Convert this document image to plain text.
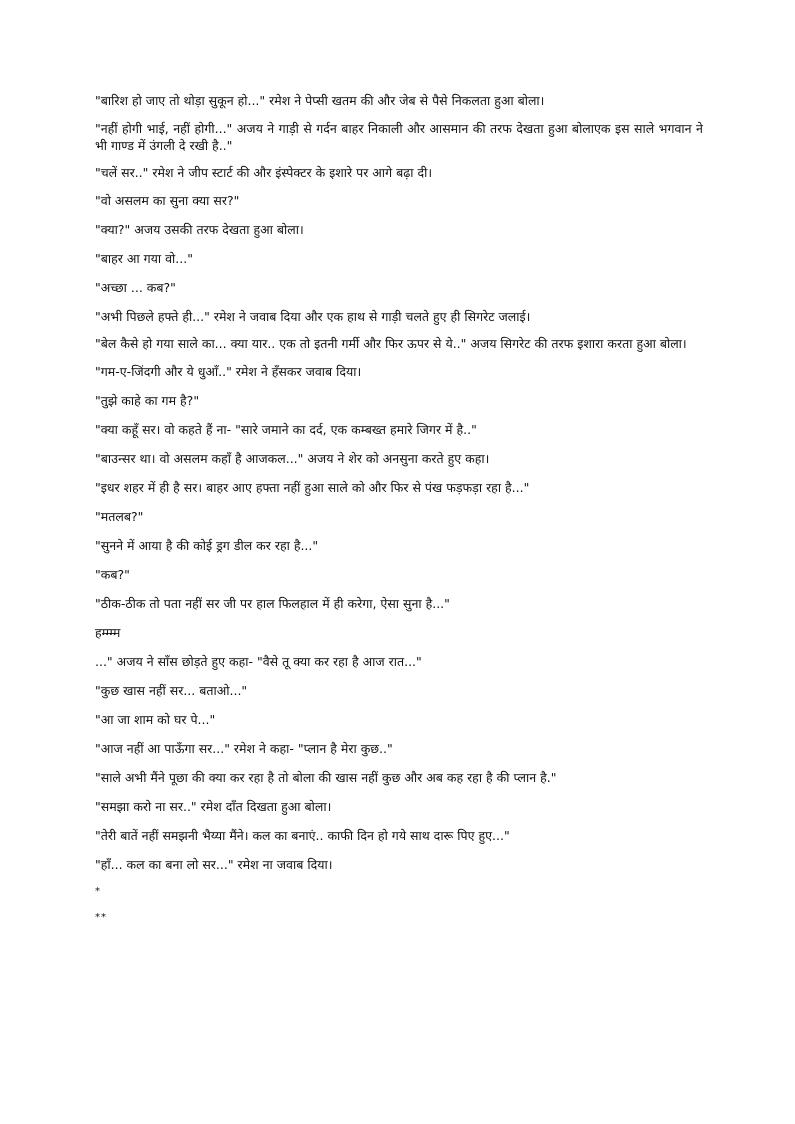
"बारिश हो जाए तो थोड़ा सुकून हो..." रमेश ने पेप्सी खतम की और जेब से पैसे निकलता हुआ बोला।

"नहीं होगी भाई, नहीं होगी..." अजय ने गाड़ी से गर्दन बाहर निकाली और आसमान की तरफ देखता हुआ बोलाएक इस साले भगवान ने भी गाण्ड में उंगली दे रखी है.."

"चलें सर.." रमेश ने जीप स्टार्ट की और इंस्पेक्टर के इशारे पर आगे बढ़ा दी।

"वो असलम का सुना क्या सर?"

"क्या?" अजय उसकी तरफ देखता हुआ बोला।

"बाहर आ गया वो..."

"अच्छा ... कब?"

"अभी पिछले हफ्ते ही..." रमेश ने जवाब दिया और एक हाथ से गाड़ी चलते हुए ही सिगरेट जलाई।

"बेल कैसे हो गया साले का... क्या यार.. एक तो इतनी गर्मी और फिर ऊपर से ये.." अजय सिगरेट की तरफ इशारा करता हुआ बोला।

"गम-ए-जिंदगी और ये धुआँ.." रमेश ने हँसकर जवाब दिया।

"तुझे काहे का गम है?"

"क्या कहूँ सर। वो कहते हैं ना- "सारे जमाने का दर्द, एक कम्बख्त हमारे जिगर में है.."

"बाउन्सर था। वो असलम कहाँ है आजकल..." अजय ने शेर को अनसुना करते हुए कहा।

"इधर शहर में ही है सर। बाहर आए हफ्ता नहीं हुआ साले को और फिर से पंख फड़फड़ा रहा है..."

"मतलब?"

"सुनने में आया है की कोई ड्रग डील कर रहा है..."

"कब?"

"ठीक-ठीक तो पता नहीं सर जी पर हाल फिलहाल में ही करेगा, ऐसा सुना है..."

हम्म्म्म

..." अजय ने साँस छोड़ते हुए कहा- "वैसे तू क्या कर रहा है आज रात..."

"कुछ खास नहीं सर... बताओ..."

"आ जा शाम को घर पे..."

"आज नहीं आ पाऊँगा सर..." रमेश ने कहा- "प्लान है मेरा कुछ.."

"साले अभी मैंने पूछा की क्या कर रहा है तो बोला की खास नहीं कुछ और अब कह रहा है की प्लान है."

"समझा करो ना सर.." रमेश दाँत दिखता हुआ बोला।

"तेरी बातें नहीं समझनी भैय्या मैंने। कल का बनाएं.. काफी दिन हो गये साथ दारू पिए हुए..."

"हाँ... कल का बना लो सर..." रमेश ना जवाब दिया।

*

**
